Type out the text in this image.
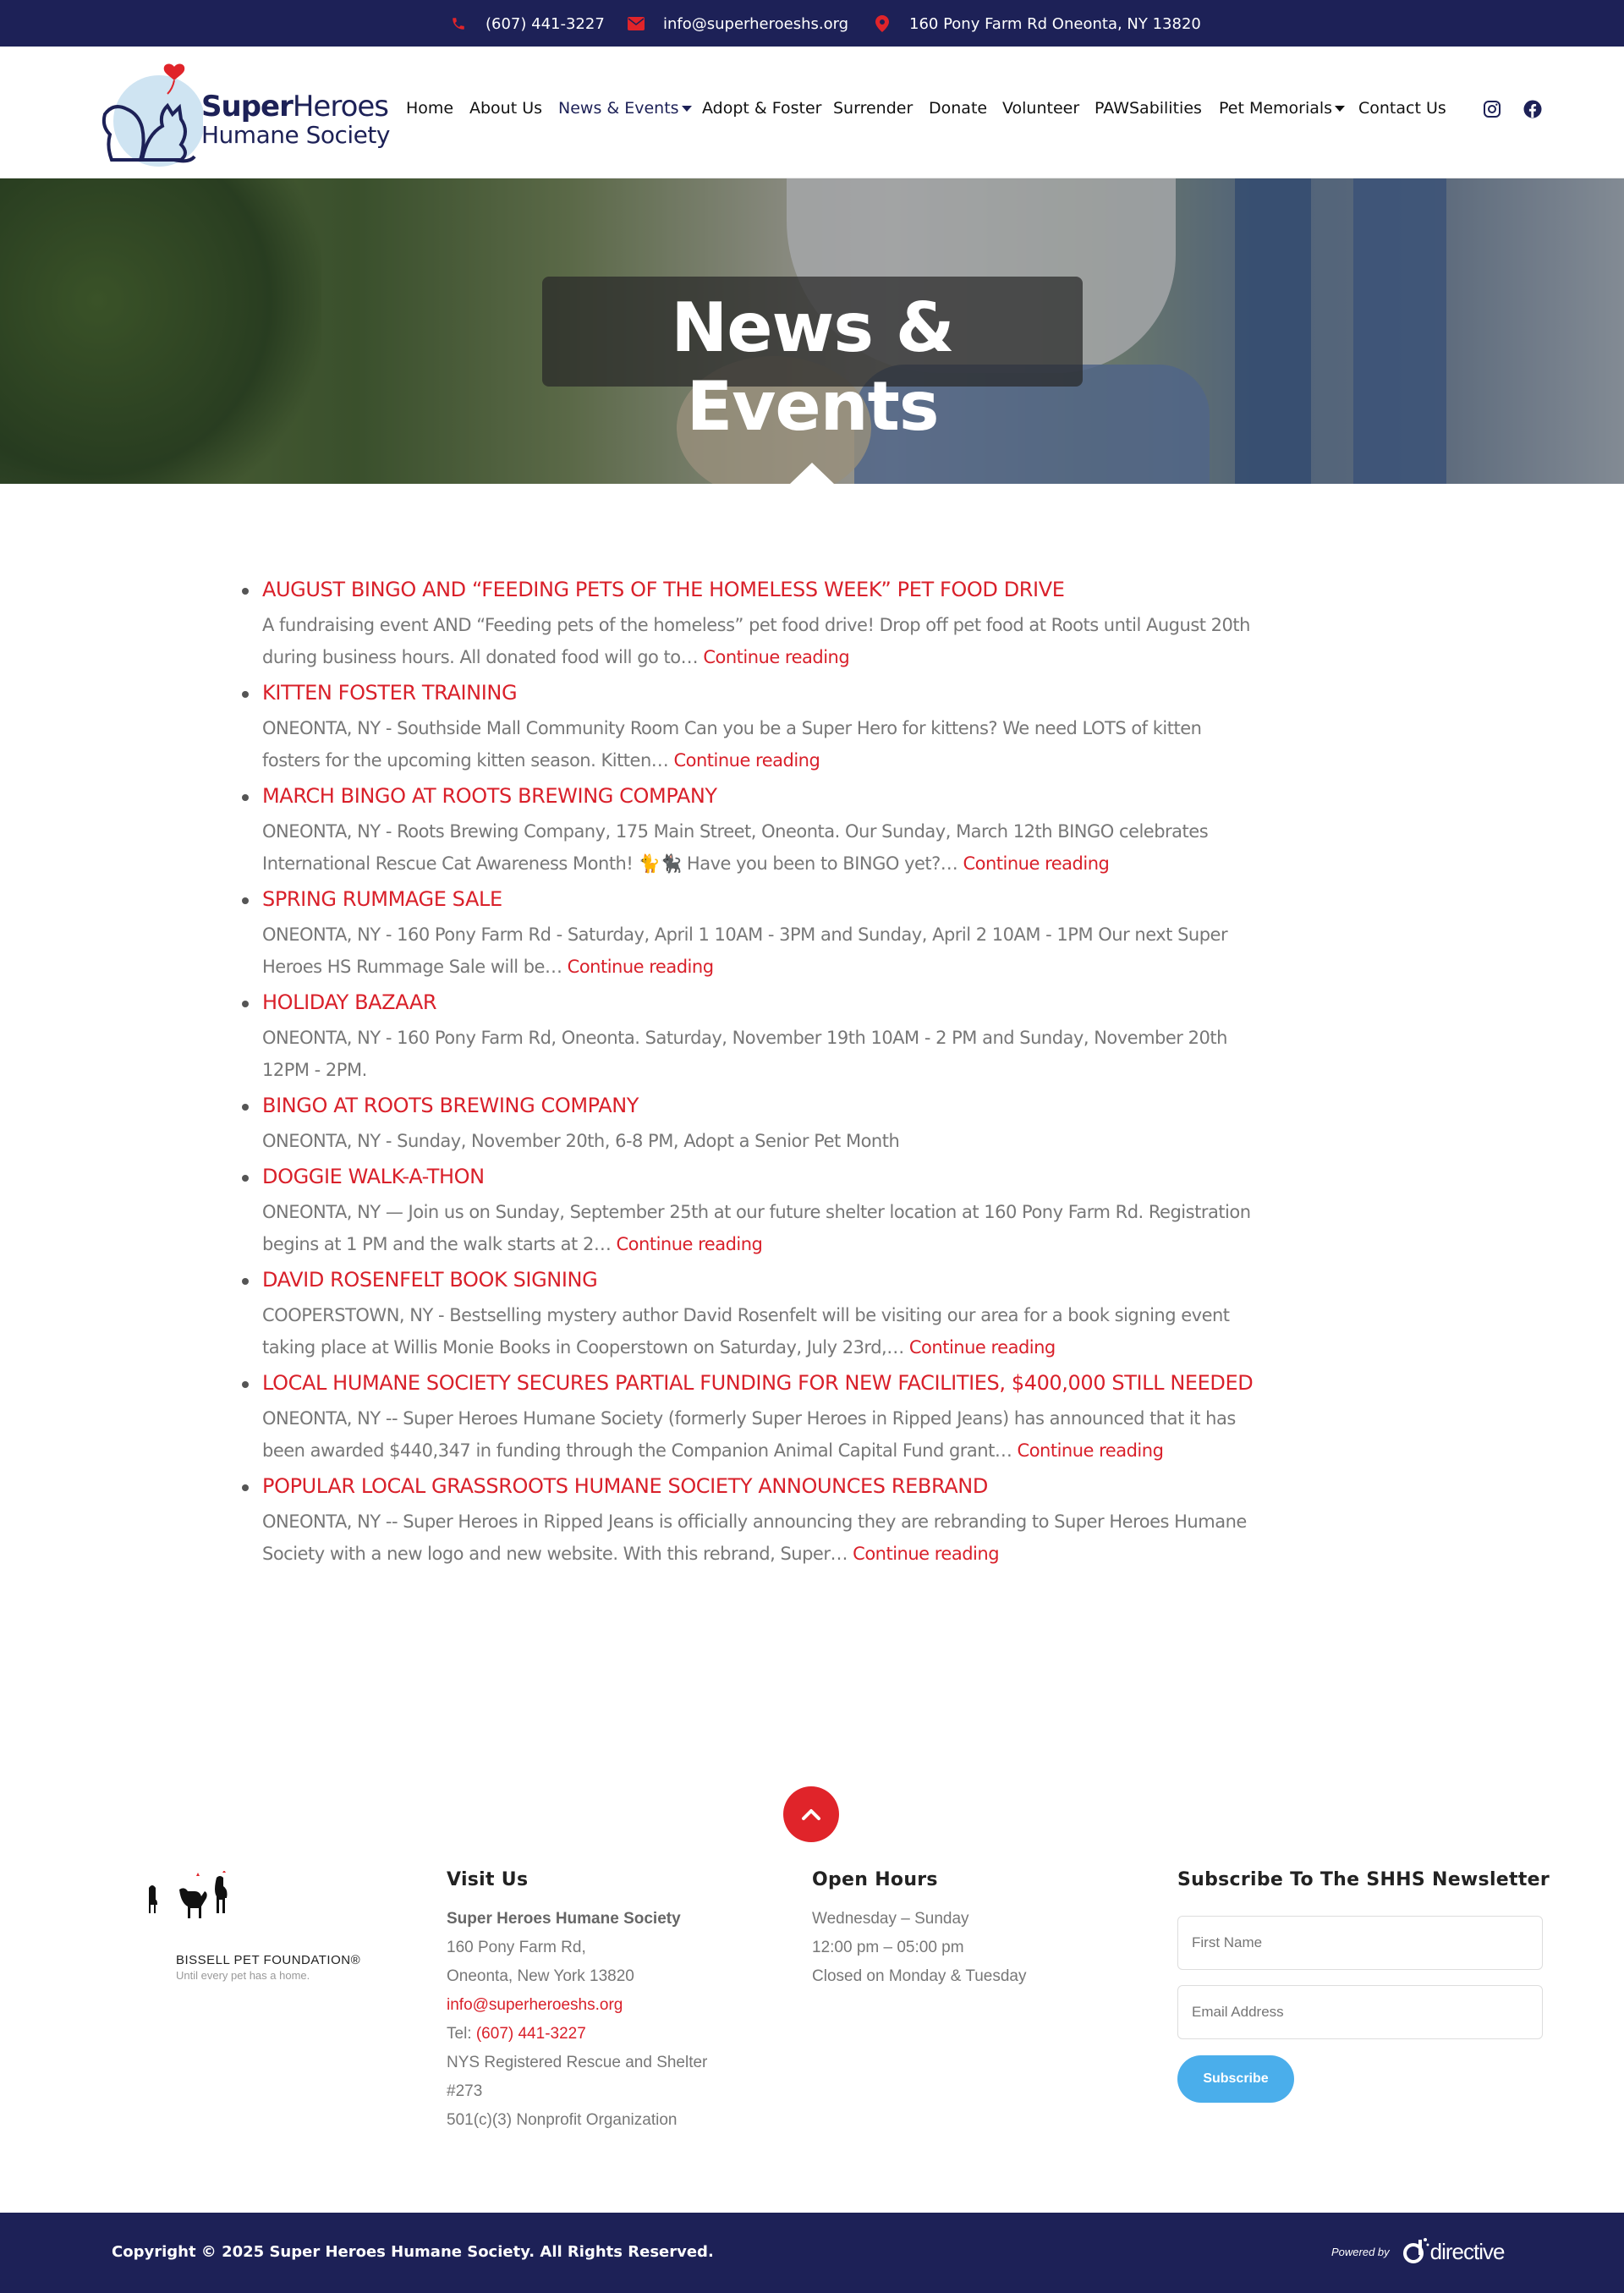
(607) 441-3227	info@superheroeshs.org	160 Pony Farm Rd Oneonta, NY 13820
SuperHeroes
Humane Society
Home About Us News & Events	Adopt & Foster Surrender Donate Volunteer PAWSabilities Pet Memorials	Contact Us
News & Events
AUGUST BINGO AND “FEEDING PETS OF THE HOMELESS WEEK” PET FOOD DRIVE
A fundraising event AND “Feeding pets of the homeless” pet food drive! Drop off pet food at Roots until August 20th during business hours. All donated food will go to… Continue reading
KITTEN FOSTER TRAINING
ONEONTA, NY - Southside Mall Community Room Can you be a Super Hero for kittens? We need LOTS of kitten fosters for the upcoming kitten season. Kitten… Continue reading
MARCH BINGO AT ROOTS BREWING COMPANY
ONEONTA, NY - Roots Brewing Company, 175 Main Street, Oneonta. Our Sunday, March 12th BINGO celebrates International Rescue Cat Awareness Month! 🐈🐈‍⬛ Have you been to BINGO yet?… Continue reading
SPRING RUMMAGE SALE
ONEONTA, NY - 160 Pony Farm Rd - Saturday, April 1 10AM - 3PM and Sunday, April 2 10AM - 1PM Our next Super Heroes HS Rummage Sale will be… Continue reading
HOLIDAY BAZAAR
ONEONTA, NY - 160 Pony Farm Rd, Oneonta. Saturday, November 19th 10AM - 2 PM and Sunday, November 20th 12PM - 2PM.
BINGO AT ROOTS BREWING COMPANY
ONEONTA, NY - Sunday, November 20th, 6-8 PM, Adopt a Senior Pet Month
DOGGIE WALK-A-THON
ONEONTA, NY — Join us on Sunday, September 25th at our future shelter location at 160 Pony Farm Rd. Registration begins at 1 PM and the walk starts at 2… Continue reading
DAVID ROSENFELT BOOK SIGNING
COOPERSTOWN, NY - Bestselling mystery author David Rosenfelt will be visiting our area for a book signing event taking place at Willis Monie Books in Cooperstown on Saturday, July 23rd,… Continue reading
LOCAL HUMANE SOCIETY SECURES PARTIAL FUNDING FOR NEW FACILITIES, $400,000 STILL NEEDED
ONEONTA, NY -- Super Heroes Humane Society (formerly Super Heroes in Ripped Jeans) has announced that it has been awarded $440,347 in funding through the Companion Animal Capital Fund grant… Continue reading
POPULAR LOCAL GRASSROOTS HUMANE SOCIETY ANNOUNCES REBRAND
ONEONTA, NY -- Super Heroes in Ripped Jeans is officially announcing they are rebranding to Super Heroes Humane Society with a new logo and new website. With this rebrand, Super… Continue reading
BISSELL PET FOUNDATION®
Until every pet has a home.
Visit Us
Super Heroes Humane Society
160 Pony Farm Rd,
Oneonta, New York 13820
info@superheroeshs.org
Tel: (607) 441-3227
NYS Registered Rescue and Shelter
#273
501(c)(3) Nonprofit Organization
Open Hours
Wednesday – Sunday
12:00 pm – 05:00 pm
Closed on Monday & Tuesday
Subscribe To The SHHS Newsletter
First Name
Email Address
Subscribe
Copyright © 2025 Super Heroes Humane Society. All Rights Reserved.	Powered by directive
